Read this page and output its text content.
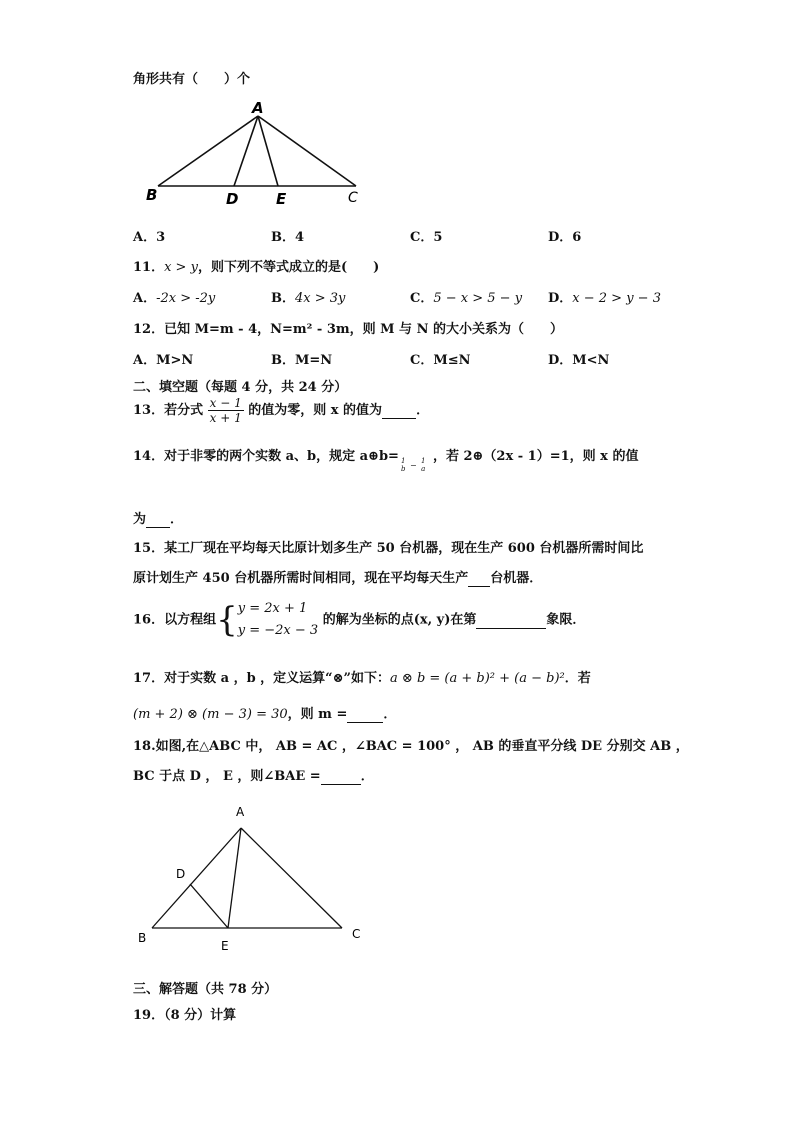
角形共有（　　）个
A
B	D	E	C
A．3	B．4	C．5	D．6
11．x > y，则下列不等式成立的是(　　)
A．-2x > -2y	B．4x > 3y	C．5 − x > 5 − y D．x − 2 > y − 3
12．已知 M=m - 4，N=m² - 3m，则 M 与 N 的大小关系为（　　）
A．M>N	B．M=N	C．M≤N	D．M<N
二、填空题（每题 4 分，共 24 分）
13．若分式 $\frac{x - 1}{x + 1}$ 的值为零，则 x 的值为	．
14．对于非零的两个实数 a、b，规定 a⊕b= 1
b − 1
a
，若 2⊕（2x - 1）=1，则 x 的值
为 ．
15．某工厂现在平均每天比原计划多生产 50 台机器，现在生产 600 台机器所需时间比
原计划生产 450 台机器所需时间相同，现在平均每天生产 台机器．
16．以方程组{y = 2x + 1
y = −2x − 3 的解为坐标的点(x, y)在第	象限．
17．对于实数 a ，b ，定义运算“⊗”如下：a ⊗ b = (a + b)² + (a − b)²．若
(m + 2) ⊗ (m − 3) = 30，则 m =	．
18.如图,在△ABC 中， AB = AC ，∠BAC = 100° ， AB 的垂直平分线 DE 分别交 AB ，
BC 于点 D ， E ，则∠BAE =	．
A
B	C
D
E
三、解答题（共 78 分）
19．（8 分）计算
